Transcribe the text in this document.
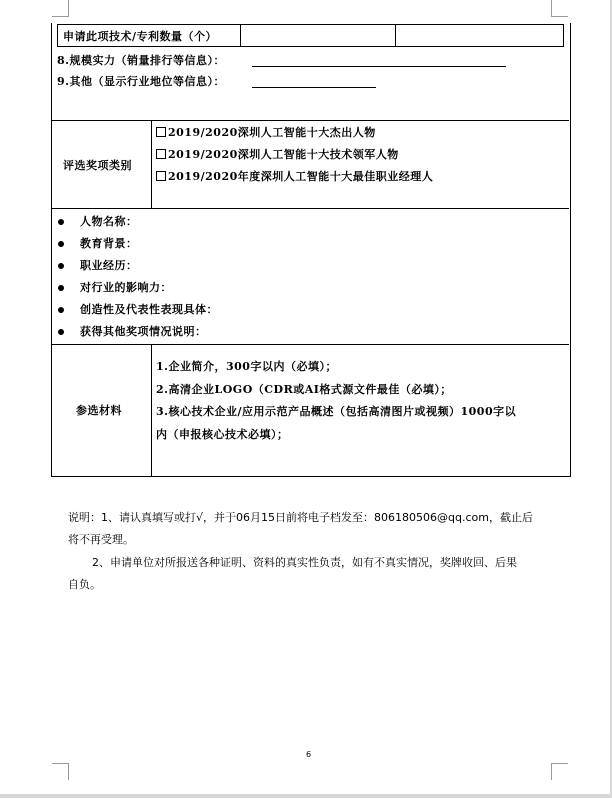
申请此项技术/专利数量（个）
8.规模实力（销量排行等信息）：
9.其他（显示行业地位等信息）：
评选奖项类别
2019/2020深圳人工智能十大杰出人物
2019/2020深圳人工智能十大技术领军人物
2019/2020年度深圳人工智能十大最佳职业经理人
人物名称：
教育背景：
职业经历：
对行业的影响力：
创造性及代表性表现具体：
获得其他奖项情况说明：
参选材料
1.企业简介，300字以内（必填）；
2.高清企业LOGO（CDR或AI格式源文件最佳（必填）；
3.核心技术企业/应用示范产品概述（包括高清图片或视频）1000字以
内（申报核心技术必填）；
说明：1、请认真填写或打√，并于06月15日前将电子档发至：806180506@qq.com，截止后
将不再受理。
2、申请单位对所报送各种证明、资料的真实性负责，如有不真实情况，奖牌收回、后果
自负。
6
